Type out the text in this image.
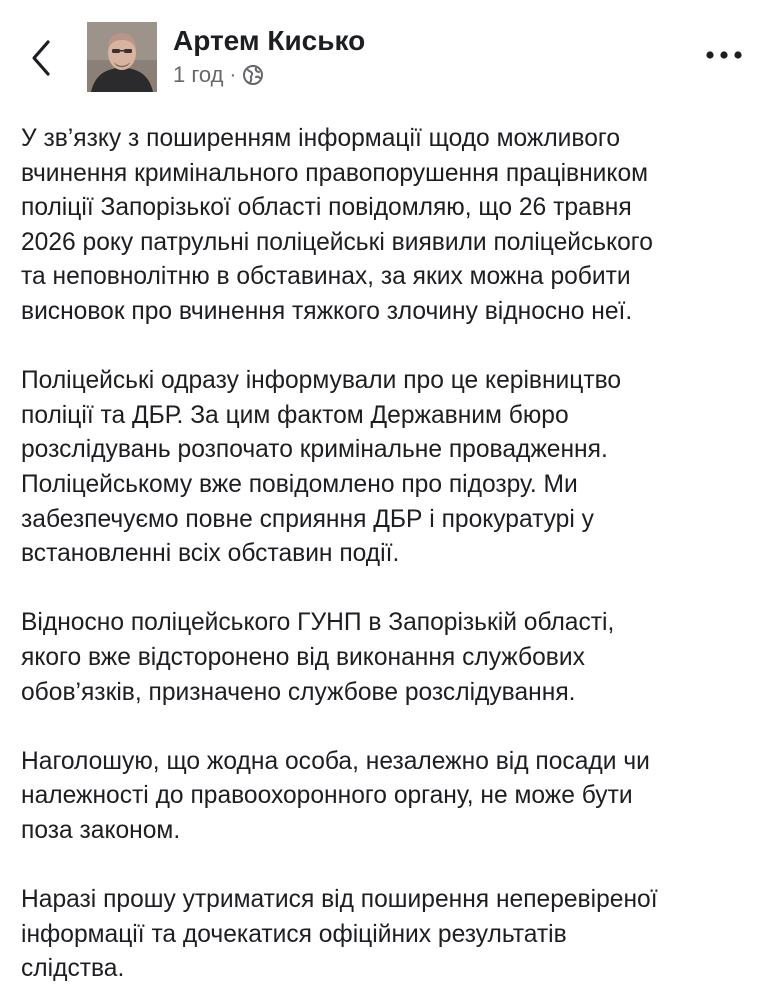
Артем Кисько
1 год ·

У зв’язку з поширенням інформації щодо можливого
вчинення кримінального правопорушення працівником
поліції Запорізької області повідомляю, що 26 травня
2026 року патрульні поліцейські виявили поліцейського
та неповнолітню в обставинах, за яких можна робити
висновок про вчинення тяжкого злочину відносно неї.

Поліцейські одразу інформували про це керівництво
поліції та ДБР. За цим фактом Державним бюро
розслідувань розпочато кримінальне провадження.
Поліцейському вже повідомлено про підозру. Ми
забезпечуємо повне сприяння ДБР і прокуратурі у
встановленні всіх обставин події.

Відносно поліцейського ГУНП в Запорізькій області,
якого вже відсторонено від виконання службових
обов’язків, призначено службове розслідування.

Наголошую, що жодна особа, незалежно від посади чи
належності до правоохоронного органу, не може бути
поза законом.

Наразі прошу утриматися від поширення неперевіреної
інформації та дочекатися офіційних результатів
слідства.
